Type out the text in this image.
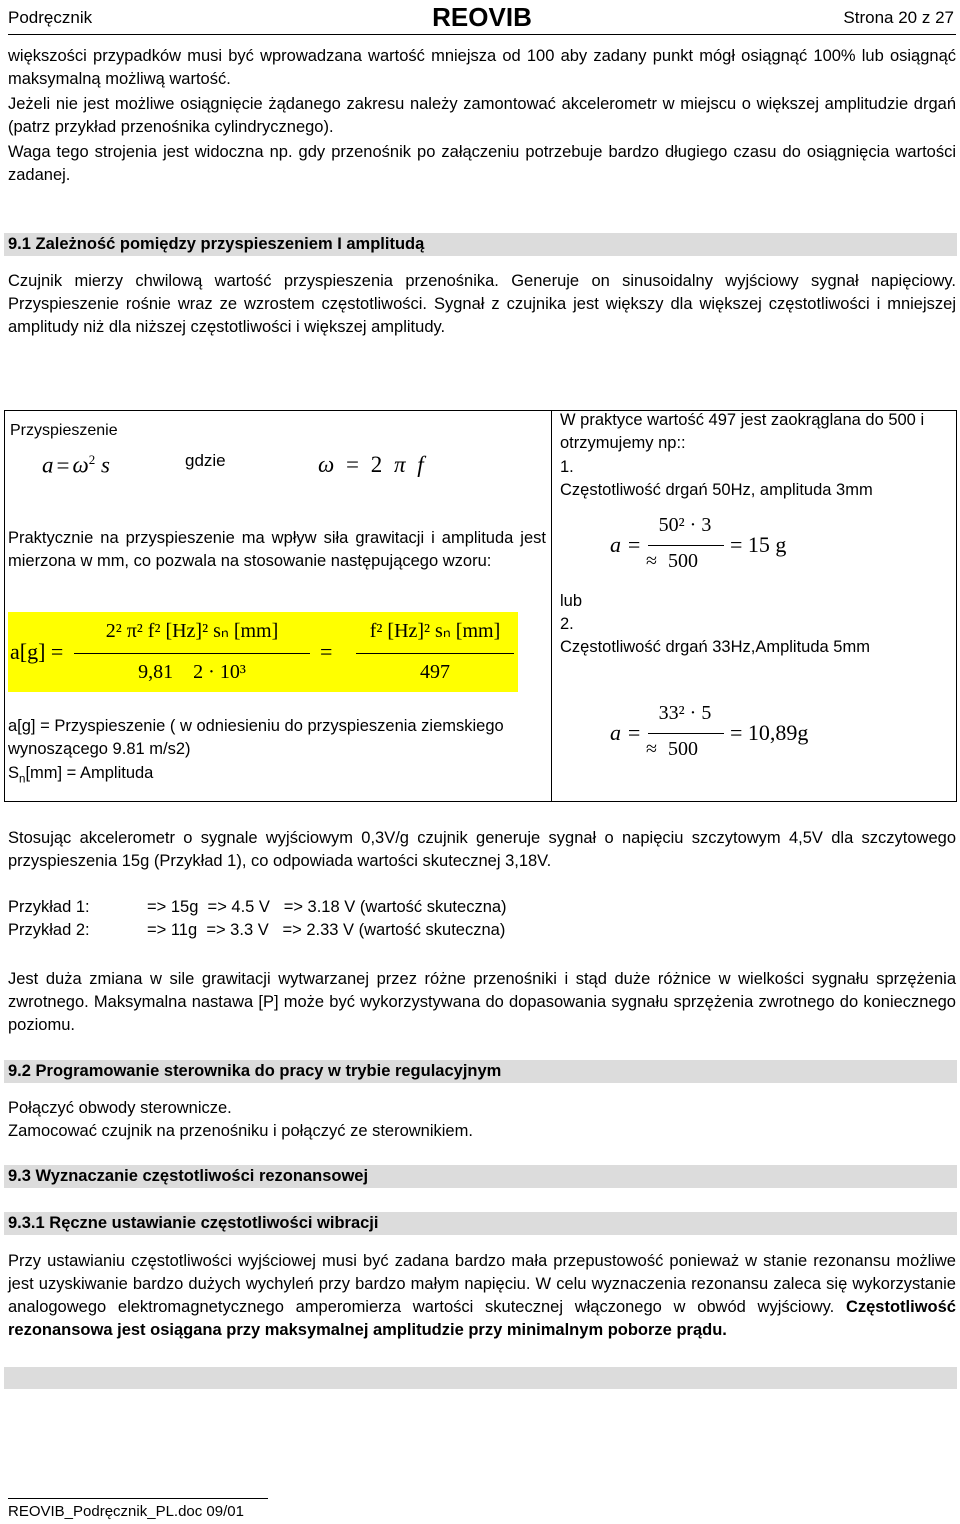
Podręcznik	REOVIB	Strona 20 z 27
większości przypadków musi być wprowadzana wartość mniejsza od 100 aby zadany punkt mógł osiągnąć 100% lub osiągnąć maksymalną możliwą wartość.
Jeżeli nie jest możliwe osiągnięcie żądanego zakresu należy zamontować akcelerometr w miejscu o większej amplitudzie drgań (patrz przykład przenośnika cylindrycznego).
Waga tego strojenia jest widoczna np. gdy przenośnik po załączeniu potrzebuje bardzo długiego czasu do osiągnięcia wartości zadanej.
9.1 Zależność pomiędzy przyspieszeniem I amplitudą
Czujnik mierzy chwilową wartość przyspieszenia przenośnika. Generuje on sinusoidalny wyjściowy sygnał napięciowy. Przyspieszenie rośnie wraz ze wzrostem częstotliwości. Sygnał z czujnika jest większy dla większej częstotliwości i mniejszej amplitudy niż dla niższej częstotliwości i większej amplitudy.
Przyspieszenie
$a = \omega^2$ s	gdzie	ω = 2 π f
Praktycznie na przyspieszenie ma wpływ siła grawitacji i amplituda jest mierzona w mm, co pozwala na stosowanie następującego wzoru:
a[g] =
2² π² f² [Hz]² sₙ [mm]
9,81    2 · 10³
=
f² [Hz]² sₙ [mm]
497
a[g] = Przyspieszenie ( w odniesieniu do przyspieszenia ziemskiego wynoszącego 9.81 m/s2)
$S_n[mm]$ = Amplituda
W praktyce wartość 497 jest zaokrąglana do 500 i otrzymujemy np::
1.
Częstotliwość drgań 50Hz, amplituda 3mm
a =
50² · 3
≈ 500
= 15 g
lub
2.
Częstotliwość drgań 33Hz,Amplituda 5mm
a =
33² · 5
≈ 500
= 10,89g
Stosując akcelerometr o sygnale wyjściowym 0,3V/g czujnik generuje sygnał o napięciu szczytowym 4,5V dla szczytowego przyspieszenia 15g (Przykład 1), co odpowiada wartości skutecznej 3,18V.
Przykład 1:	=> 15g  => 4.5 V   => 3.18 V (wartość skuteczna)
Przykład 2:	=> 11g  => 3.3 V   => 2.33 V (wartość skuteczna)
Jest duża zmiana w sile grawitacji wytwarzanej przez różne przenośniki i stąd duże różnice w wielkości sygnału sprzężenia zwrotnego. Maksymalna nastawa [P] może być wykorzystywana do dopasowania sygnału sprzężenia zwrotnego do koniecznego poziomu.
9.2 Programowanie sterownika do pracy w trybie regulacyjnym
Połączyć obwody sterownicze.
Zamocować czujnik na przenośniku i połączyć ze sterownikiem.
9.3 Wyznaczanie częstotliwości rezonansowej
9.3.1 Ręczne ustawianie częstotliwości wibracji
Przy ustawianiu częstotliwości wyjściowej musi być zadana bardzo mała przepustowość ponieważ w stanie rezonansu możliwe jest uzyskiwanie bardzo dużych wychyleń przy bardzo małym napięciu. W celu wyznaczenia rezonansu zaleca się wykorzystanie analogowego elektromagnetycznego amperomierza wartości skutecznej włączonego w obwód wyjściowy. Częstotliwość rezonansowa jest osiągana przy maksymalnej amplitudzie przy minimalnym poborze prądu.
REOVIB_Podręcznik_PL.doc 09/01
